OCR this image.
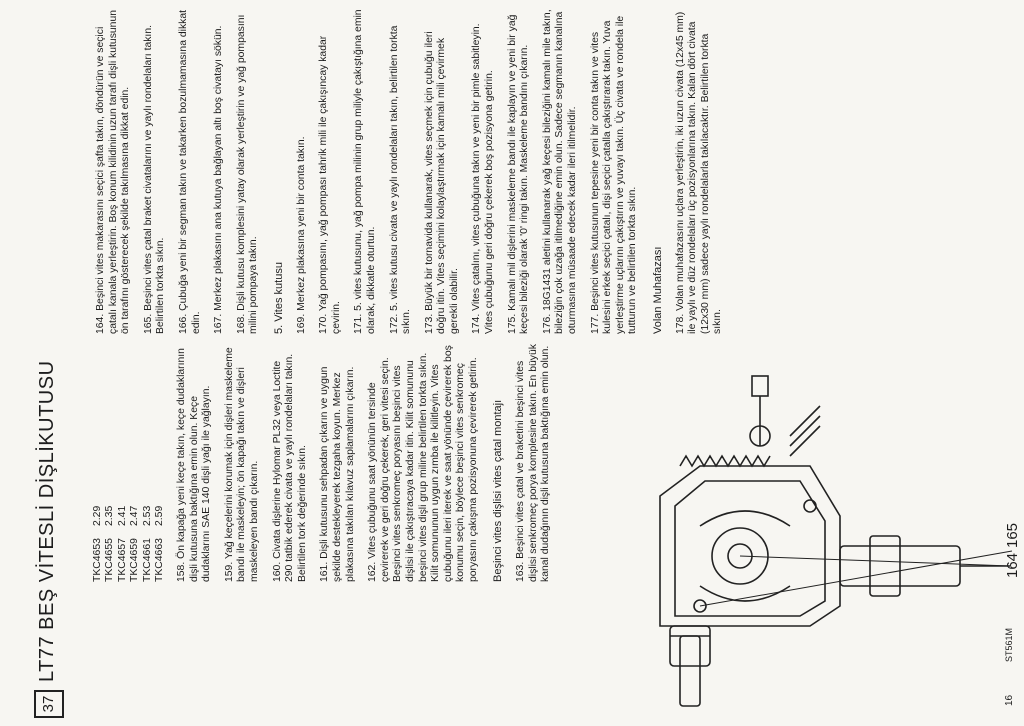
37
LT77 BEŞ VİTESLİ DİŞLİKUTUSU	TKC4653
2.29
TKC4655
2.35
TKC4657
2.41
TKC4659
2.47
TKC4661
2.53
TKC4663
2.59 158. Ön kapağa yeni keçe takın, keçe dudaklarının dişli kutusuna baktığına emin olun. Keçe dudaklarını SAE 140 dişli yağı ile yağlayın. 159. Yağ keçelerini korumak için dişleri maskeleme bandı ile maskeleyin; ön kapağı takın ve dişleri maskeleyen bandı çıkarın. 160. Civata dişlerine Hylomar PL32 veya Loctite 290 tatbik ederek civata ve yaylı rondelaları takın. Belirtilen tork değerinde sıkın. 161. Dişli kutusunu sehpadan çıkarın ve uygun şekilde destekleyerek tezgaha koyun. Merkez plakasına takılan kılavuz saplamalarını çıkarın. 162. Vites çubuğunu saat yönünün tersinde çevirerek ve geri doğru çekerek, geri vitesi seçin. Beşinci vites senkromeç poryasını beşinci vites dişlisi ile çakıştıracaya kadar itin. Kilit somununu beşinci vites dişli grup miline belirtilen torkta sıkın. Kilit somununun uygun zımba ile kilitleyin. Vites çubuğunu ileri iterek ve saat yönünde çevirerek boş konumu seçin, böylece beşinci vites senkromeç poryasını çakışma pozisyonuna çevirerek getirin. Beşinci vites dişlisi vites çatal montajı 163. Beşinci vites çatal ve braketini beşinci vites dişlisi senkromeç porya komplesine takın. En büyük kanal dudağının dişli kutusuna baktığına emin olun.

164. Beşinci vites makarasını seçici şafta takın, döndürün ve seçici çatalı kanala yerleştirin. Boş konum kilidinin uzun tarafı dişli kutusunun ön tarafını gösterecek şekilde takılmasına dikkat edin. 165. Beşinci vites çatal braket civatalarını ve yaylı rondelaları takın. Belirtilen torkta sıkın. 166. Çubuğa yeni bir segman takın ve takarken bozulmamasına dikkat edin. 167. Merkez plakasını ana kutuya bağlayan altı boş civatayı sökün. 168. Dişli kutusu komplesini yatay olarak yerleştirin ve yağ pompasını milini pompaya takın. 5. Vites kutusu 169. Merkez plakasına yeni bir conta takın. 170. Yağ pompasını, yağ pompası tahrik mili ile çakışıncay kadar çevirin. 171. 5. vites kutusunu, yağ pompa milinin grup miliyle çakıştığına emin olarak, dikkatle oturtun. 172. 5. vites kutusu civata ve yaylı rondelaları takın, belirtilen torkta sıkın. 173. Büyük bir tornavida kullanarak, vites seçmek için çubuğu ileri doğru itin. Vites seçimini kolaylaştırmak için kamalı mili çevirmek gerekli olabilir. 174. Vites çatalını, vites çubuğuna takın ve yeni bir pimle sabitleyin. Vites çubuğunu geri doğru çekerek boş pozisyona getirin. 175. Kamalı mil dişlerini maskeleme bandı ile kaplayın ve yeni bir yağ keçesi bileziği olarak '0' ringi takın. Maskeleme bandını çıkarın. 176. 18G1431 aletini kullanarak yağ keçesi bileziğini kamalı mile takın, bileziğin çok uzağa itilmediğine emin olun. Sadece segmanın kanalına oturmasına müsaade edecek kadar ileri itilmelidir. 177. Beşinci vites kutusunun tepesine yeni bir conta takın ve vites kulesini erkek seçici çatalı, dişi seçici çatalla çakıştırarak takın. Yuva yerleştirme uçlarını çakıştırın ve yuvayı takın. Üç civata ve rondela ile tutturun ve belirtilen torkta sıkın. Volan Muhafazası 178. Volan muhafazasını uçlara yerleştirin, iki uzun civata (12x45 mm) ile yaylı ve düz rondelaları üç pozisyonlarına takın. Kalan dört civata (12x30 mm) sadece yaylı rondelalarla takılacaktır. Belirtilen torkta sıkın.

164
165
ST561M
16
